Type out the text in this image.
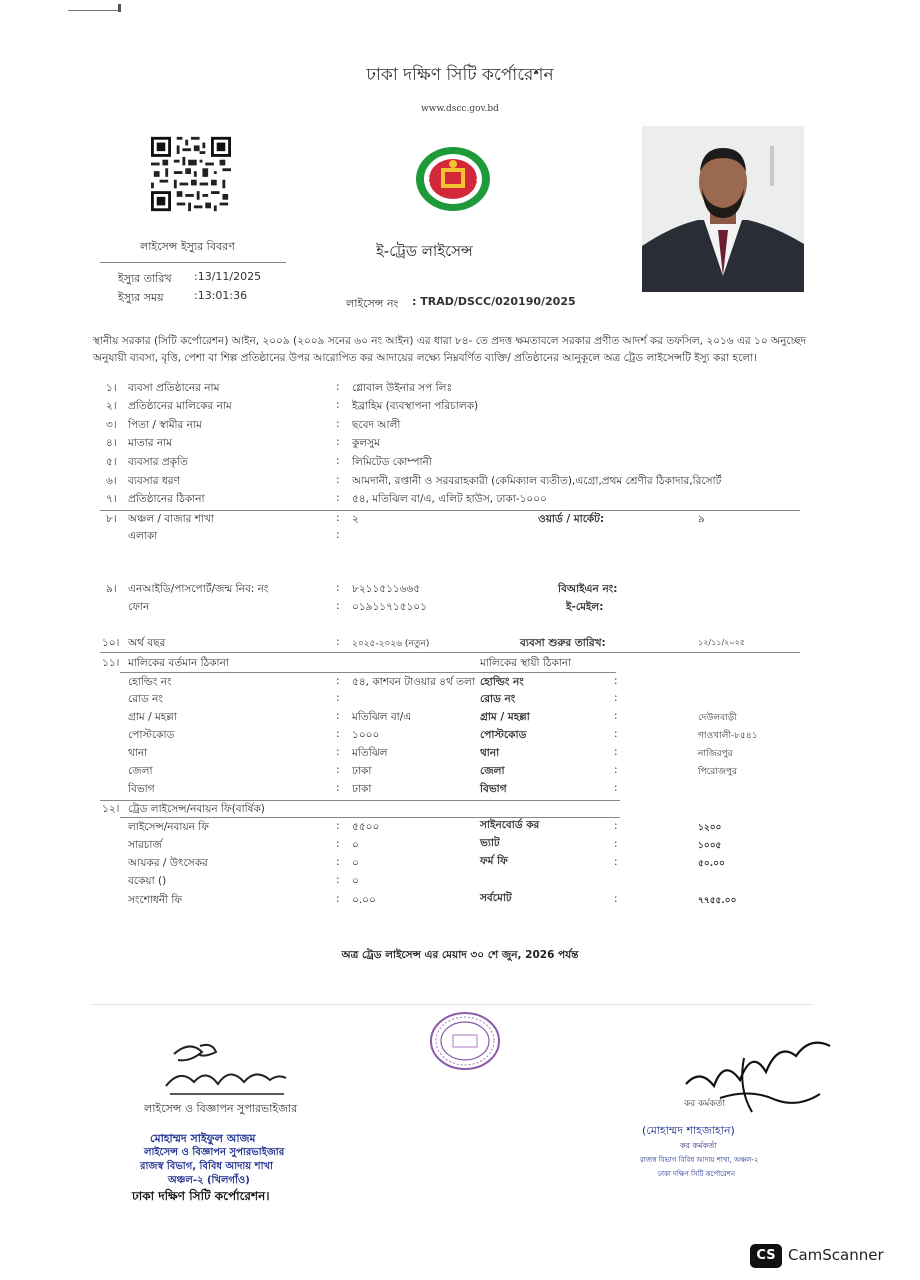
ঢাকা দক্ষিণ সিটি কর্পোরেশন
www.dscc.gov.bd
লাইসেন্স ইস্যুর বিবরণ
ইস্যুর তারিখ :13/11/2025
ইস্যুর সময়	:13:01:36
ই-ট্রেড লাইসেন্স
লাইসেন্স নং : TRAD/DSCC/020190/2025
স্থানীয় সরকার (সিটি কর্পোরেশন) আইন, ২০০৯ (২০০৯ সনের ৬০ নং আইন) এর ধারা ৮৪- তে প্রদত্ত ক্ষমতাবলে সরকার প্রণীত আদর্শ কর তফসিল, ২০১৬ এর ১০ অনুচ্ছেদ অনুযায়ী ব্যবসা, বৃত্তি, পেশা বা শিল্প প্রতিষ্ঠানের উপর আরোপিত কর আদায়ের লক্ষ্যে নিম্নবর্ণিত ব্যক্তি/ প্রতিষ্ঠানের আনুকূলে অত্র ট্রেড লাইসেন্সটি ইস্যু করা হলো।
১। ব্যবসা প্রতিষ্ঠানের নাম	: গ্লোবাল উইনার সপ লিঃ
২। প্রতিষ্ঠানের মালিকের নাম	: ইব্রাহিম (ব্যবস্থাপনা পরিচালক)
৩। পিতা / স্বামীর নাম	: ছবেদ আলী
৪। মাতার নাম	: কুলসুম
৫। ব্যবসার প্রকৃতি	: লিমিটেড কোম্পানী
৬। ব্যবসার ধরণ	: আমদানী, রপ্তানী ও সরবরাহকারী (কেমিক্যাল ব্যতীত),এগ্রো,প্রথম শ্রেণীর ঠিকাদার,রিসোর্ট
৭। প্রতিষ্ঠানের ঠিকানা	: ৫৪, মতিঝিল বা/এ, এলিট হাউস, ঢাকা-১০০০
৮। অঞ্চল / বাজার শাখা	: ২	ওয়ার্ড / মার্কেট:	৯
এলাকা	:
৯। এনআইডি/পাসপোর্ট/জন্ম নিব: নং	: ৮২১১৫১১৬৬৫	বিআইএন নং:
ফোন	: ০১৯১১৭১৫১০১	ই-মেইল:
১০। অর্থ বছর	: ২০২৫-২০২৬ (নতুন)	ব্যবসা শুরুর তারিখ:	১২/১১/২০২৫
১১। মালিকের বর্তমান ঠিকানা	মালিকের স্থায়ী ঠিকানা
হোল্ডিং নং	: ৫৪, কাশবন টাওয়ার ৪র্থ তলা হোল্ডিং নং	:
রোড নং	:	রোড নং	:
গ্রাম / মহল্লা	: মতিঝিল বা/এ	গ্রাম / মহল্লা	:	দেউলবাড়ী
পোস্টকোড	: ১০০০	পোস্টকোড	:	গাওখালী-৮৫৪১
থানা	: মতিঝিল	থানা	:	নাজিরপুর
জেলা	: ঢাকা	জেলা	:	পিরোজপুর
বিভাগ	: ঢাকা	বিভাগ	:
১২। ট্রেড লাইসেন্স/নবায়ন ফি(বার্ষিক)
লাইসেন্স/নবায়ন ফি	: ৫৫০০	সাইনবোর্ড কর	:	১২০০
সারচার্জ	: ০	ভ্যাট	:	১০০৫
আয়কর / উৎসেকর	: ০	ফর্ম ফি	:	৫০.০০
বকেয়া ()	: ০
সংশোধনী ফি	: ০.০০	সর্বমোট	:	৭৭৫৫.০০
অত্র ট্রেড লাইসেন্স এর মেয়াদ ৩০ শে জুন, 2026 পর্যন্ত
লাইসেন্স ও বিজ্ঞাপন সুপারভাইজার
মোহাম্মদ সাইফুল আজম
লাইসেন্স ও বিজ্ঞাপন সুপারভাইজার
রাজস্ব বিভাগ, বিবিধ আদায় শাখা
অঞ্চল-২ (খিলগাঁও)
ঢাকা দক্ষিণ সিটি কর্পোরেশন।
কর কর্মকর্তা
(মোহাম্মদ শাহজাহান)
কর কর্মকর্তা
রাজস্ব বিভাগ বিবিধ আদায় শাখা, অঞ্চল-২
ঢাকা দক্ষিণ সিটি কর্পোরেশন
CS CamScanner
